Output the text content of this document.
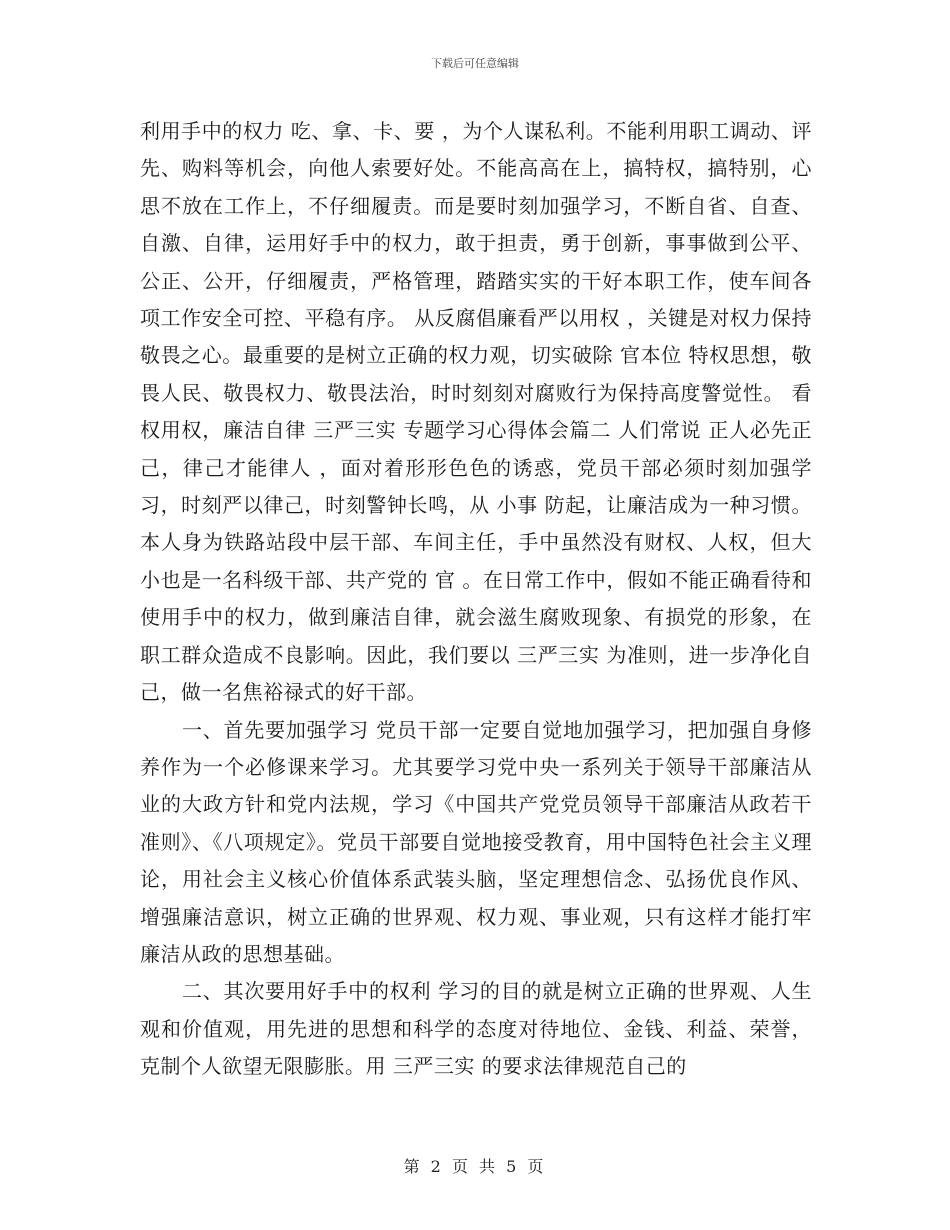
下载后可任意编辑

利用手中的权力 吃、拿、卡、要 ，为个人谋私利。不能利用职工调动、评先、购料等机会，向他人索要好处。不能高高在上，搞特权，搞特别，心思不放在工作上，不仔细履责。而是要时刻加强学习，不断自省、自查、自激、自律，运用好手中的权力，敢于担责，勇于创新，事事做到公平、公正、公开，仔细履责，严格管理，踏踏实实的干好本职工作，使车间各项工作安全可控、平稳有序。 从反腐倡廉看严以用权 ，关键是对权力保持敬畏之心。最重要的是树立正确的权力观，切实破除 官本位 特权思想，敬畏人民、敬畏权力、敬畏法治，时时刻刻对腐败行为保持高度警觉性。 看权用权，廉洁自律 三严三实 专题学习心得体会篇二 人们常说 正人必先正己，律己才能律人 ，面对着形形色色的诱惑，党员干部必须时刻加强学习，时刻严以律己，时刻警钟长鸣，从 小事 防起，让廉洁成为一种习惯。 本人身为铁路站段中层干部、车间主任，手中虽然没有财权、人权，但大小也是一名科级干部、共产党的 官 。在日常工作中，假如不能正确看待和使用手中的权力，做到廉洁自律，就会滋生腐败现象、有损党的形象，在职工群众造成不良影响。因此，我们要以 三严三实 为准则，进一步净化自己，做一名焦裕禄式的好干部。

一、首先要加强学习 党员干部一定要自觉地加强学习，把加强自身修养作为一个必修课来学习。尤其要学习党中央一系列关于领导干部廉洁从业的大政方针和党内法规，学习《中国共产党党员领导干部廉洁从政若干准则》、《八项规定》。党员干部要自觉地接受教育，用中国特色社会主义理论，用社会主义核心价值体系武装头脑，坚定理想信念、弘扬优良作风、增强廉洁意识，树立正确的世界观、权力观、事业观，只有这样才能打牢廉洁从政的思想基础。

二、其次要用好手中的权利 学习的目的就是树立正确的世界观、人生观和价值观，用先进的思想和科学的态度对待地位、金钱、利益、荣誉，克制个人欲望无限膨胀。用 三严三实 的要求法律规范自己的

第 2 页 共 5 页
